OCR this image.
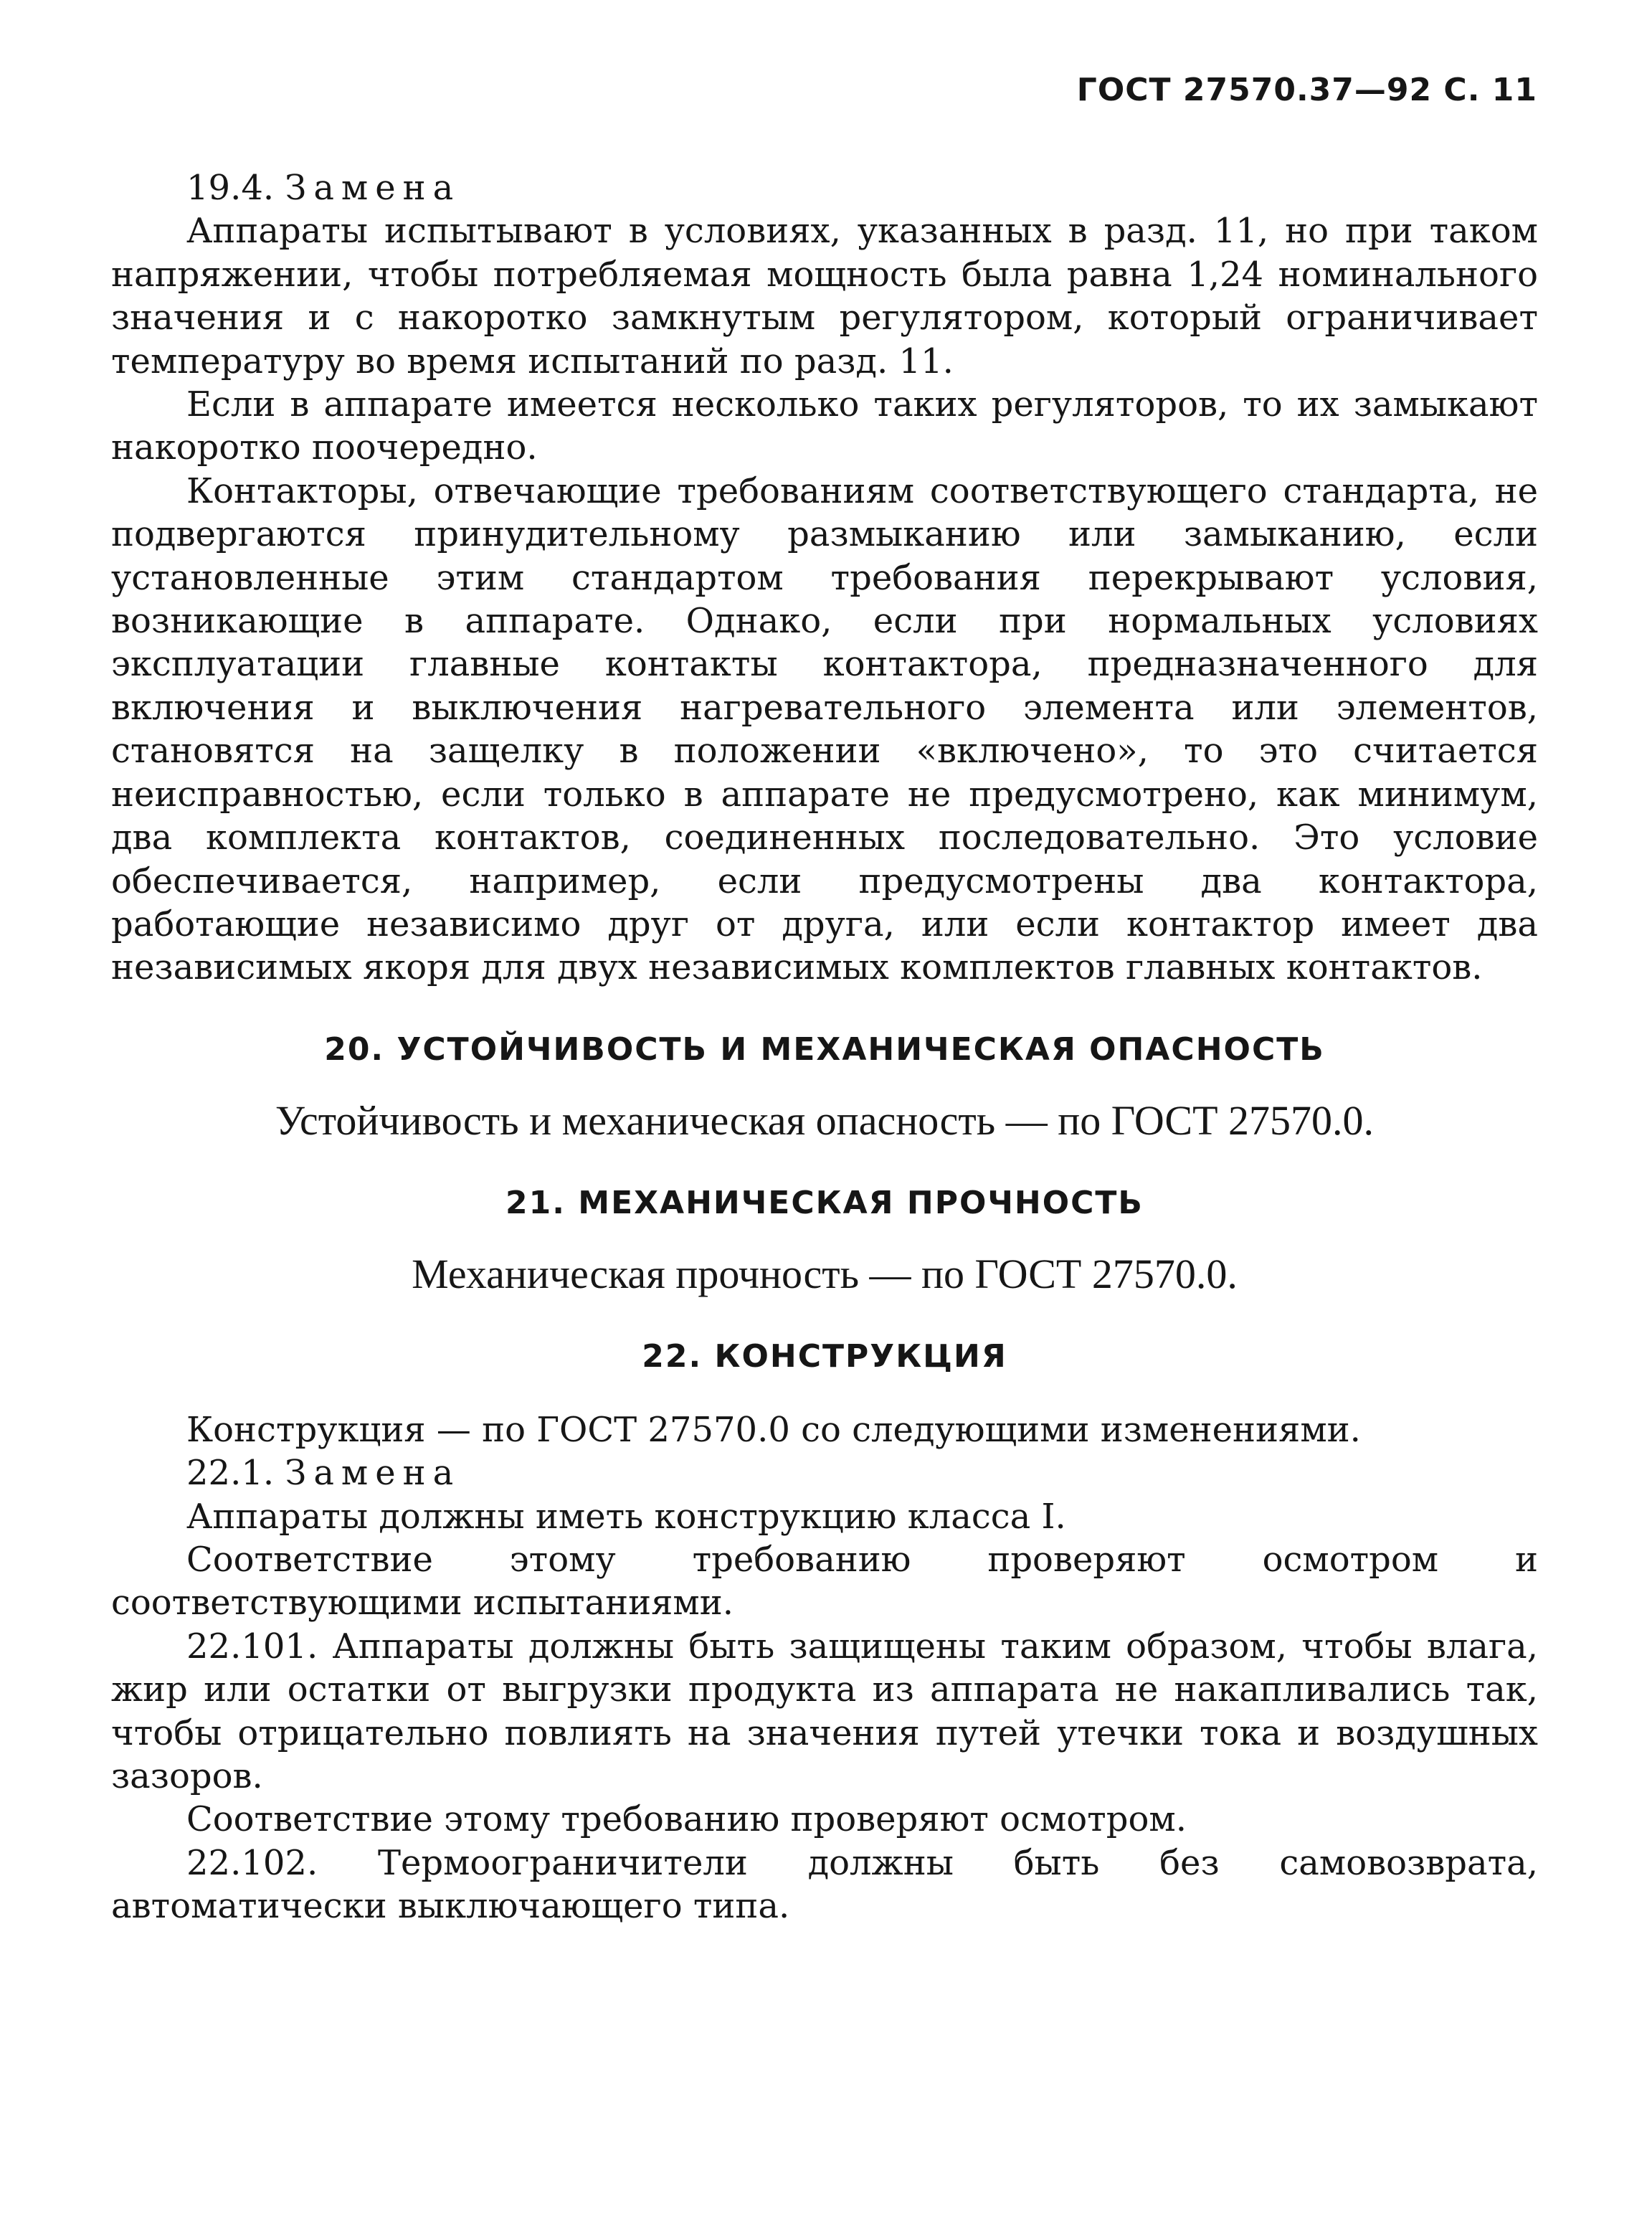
ГОСТ 27570.37—92 С. 11

19.4. Замена

Аппараты испытывают в условиях, указанных в разд. 11, но при таком напряжении, чтобы потребляемая мощность была равна 1,24 номинального значения и с накоротко замкнутым регулятором, который ограничивает температуру во время испытаний по разд. 11.

Если в аппарате имеется несколько таких регуляторов, то их замыкают накоротко поочередно.

Контакторы, отвечающие требованиям соответствующего стандарта, не подвергаются принудительному размыканию или замыканию, если установленные этим стандартом требования перекрывают условия, возникающие в аппарате. Однако, если при нормальных условиях эксплуатации главные контакты контактора, предназначенного для включения и выключения нагревательного элемента или элементов, становятся на защелку в положении «включено», то это считается неисправностью, если только в аппарате не предусмотрено, как минимум, два комплекта контактов, соединенных последовательно. Это условие обеспечивается, например, если предусмотрены два контактора, работающие независимо друг от друга, или если контактор имеет два независимых якоря для двух независимых комплектов главных контактов.

20. УСТОЙЧИВОСТЬ И МЕХАНИЧЕСКАЯ ОПАСНОСТЬ

Устойчивость и механическая опасность — по ГОСТ 27570.0.

21. МЕХАНИЧЕСКАЯ ПРОЧНОСТЬ

Механическая прочность — по ГОСТ 27570.0.

22. КОНСТРУКЦИЯ

Конструкция — по ГОСТ 27570.0 со следующими изменениями.

22.1. Замена

Аппараты должны иметь конструкцию класса I.

Соответствие этому требованию проверяют осмотром и соответствующими испытаниями.

22.101. Аппараты должны быть защищены таким образом, чтобы влага, жир или остатки от выгрузки продукта из аппарата не накапливались так, чтобы отрицательно повлиять на значения путей утечки тока и воздушных зазоров.

Соответствие этому требованию проверяют осмотром.

22.102. Термоограничители должны быть без самовозврата, автоматически выключающего типа.
